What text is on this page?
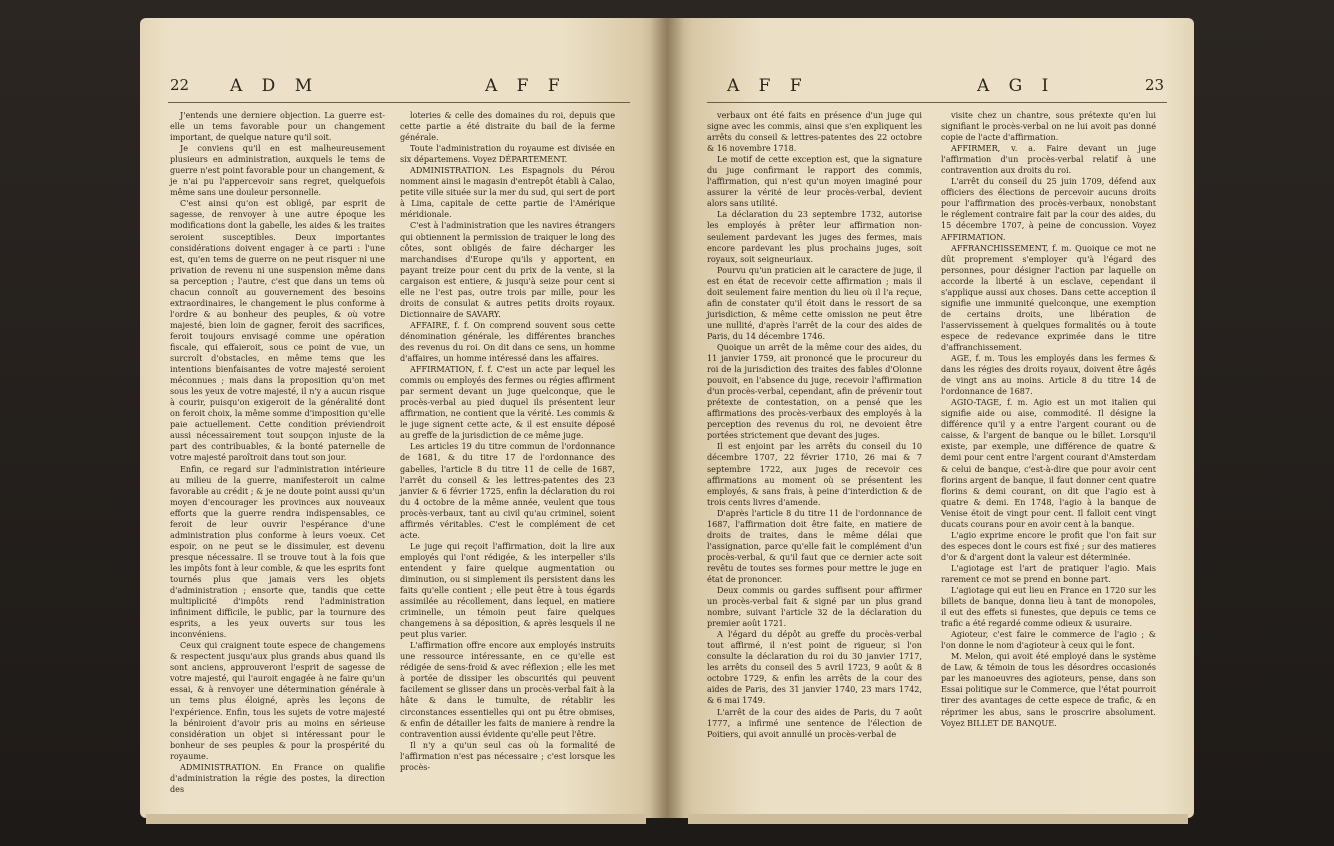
22 A D M	A F F

J'entends une derniere objection. La guerre est-elle un tems favorable pour un changement important, de quelque nature qu'il soit.

Je conviens qu'il en est malheureusement plusieurs en administration, auxquels le tems de guerre n'est point favorable pour un changement, & je n'ai pu l'appercevoir sans regret, quelquefois même sans une douleur personnelle.

C'est ainsi qu'on est obligé, par esprit de sagesse, de renvoyer à une autre époque les modifications dont la gabelle, les aides & les traites seroient susceptibles. Deux importantes considérations doivent engager à ce parti : l'une est, qu'en tems de guerre on ne peut risquer ni une privation de revenu ni une suspension même dans sa perception ; l'autre, c'est que dans un tems où chacun connoît au gouvernement des besoins extraordinaires, le changement le plus conforme à l'ordre & au bonheur des peuples, & où votre majesté, bien loin de gagner, feroit des sacrifices, feroit toujours envisagé comme une opération fiscale, qui effaieroit, sous ce point de vue, un surcroît d'obstacles, en même tems que les intentions bienfaisantes de votre majesté seroient méconnues ; mais dans la proposition qu'on met sous les yeux de votre majesté, il n'y a aucun risque à courir, puisqu'on exigeroit de la généralité dont on feroit choix, la même somme d'imposition qu'elle paie actuellement. Cette condition préviendroit aussi nécessairement tout soupçon injuste de la part des contribuables, & la bonté paternelle de votre majesté paroîtroit dans tout son jour.

Enfin, ce regard sur l'administration intérieure au milieu de la guerre, manifesteroit un calme favorable au crédit ; & je ne doute point aussi qu'un moyen d'encourager les provinces aux nouveaux efforts que la guerre rendra indispensables, ce feroit de leur ouvrir l'espérance d'une administration plus conforme à leurs voeux. Cet espoir, on ne peut se le dissimuler, est devenu presque nécessaire. Il se trouve tout à la fois que les impôts font à leur comble, & que les esprits font tournés plus que jamais vers les objets d'administration ; ensorte que, tandis que cette multiplicité d'impôts rend l'administration infiniment difficile, le public, par la tournure des esprits, a les yeux ouverts sur tous les inconvéniens.

Ceux qui craignent toute espece de changemens & respectent jusqu'aux plus grands abus quand ils sont anciens, approuveront l'esprit de sagesse de votre majesté, qui l'auroit engagée à ne faire qu'un essai, & à renvoyer une détermination générale à un tems plus éloigné, après les leçons de l'expérience. Enfin, tous les sujets de votre majesté la béniroient d'avoir pris au moins en sérieuse considération un objet si intéressant pour le bonheur de ses peuples & pour la prospérité du royaume.

ADMINISTRATION. En France on qualifie d'administration la régie des postes, la direction des

loteries & celle des domaines du roi, depuis que cette partie a été distraite du bail de la ferme générale.

Toute l'administration du royaume est divisée en six départemens. Voyez DÉPARTEMENT.

ADMINISTRATION. Les Espagnols du Pérou nomment ainsi le magasin d'entrepôt établi à Calao, petite ville située sur la mer du sud, qui sert de port à Lima, capitale de cette partie de l'Amérique méridionale.

C'est à l'administration que les navires étrangers qui obtiennent la permission de traiquer le long des côtes, sont obligés de faire décharger les marchandises d'Europe qu'ils y apportent, en payant treize pour cent du prix de la vente, si la cargaison est entiere, & jusqu'à seize pour cent si elle ne l'est pas, outre trois par mille, pour les droits de consulat & autres petits droits royaux. Dictionnaire de SAVARY.

AFFAIRE, f. f. On comprend souvent sous cette dénomination générale, les différentes branches des revenus du roi. On dit dans ce sens, un homme d'affaires, un homme intéressé dans les affaires.

AFFIRMATION, f. f. C'est un acte par lequel les commis ou employés des fermes ou régies affirment par serment devant un juge quelconque, que le procès-verbal au pied duquel ils présentent leur affirmation, ne contient que la vérité. Les commis & le juge signent cette acte, & il est ensuite déposé au greffe de la jurisdiction de ce même juge.

Les articles 19 du titre commun de l'ordonnance de 1681, & du titre 17 de l'ordonnance des gabelles, l'article 8 du titre 11 de celle de 1687, l'arrêt du conseil & les lettres-patentes des 23 janvier & 6 février 1725, enfin la déclaration du roi du 4 octobre de la même année, veulent que tous procès-verbaux, tant au civil qu'au criminel, soient affirmés véritables. C'est le complément de cet acte.

Le juge qui reçoit l'affirmation, doit la lire aux employés qui l'ont rédigée, & les interpeller s'ils entendent y faire quelque augmentation ou diminution, ou si simplement ils persistent dans les faits qu'elle contient ; elle peut être à tous égards assimilée au récollement, dans lequel, en matiere criminelle, un témoin peut faire quelques changemens à sa déposition, & après lesquels il ne peut plus varier.

L'affirmation offre encore aux employés instruits une ressource intéressante, en ce qu'elle est rédigée de sens-froid & avec réflexion ; elle les met à portée de dissiper les obscurités qui peuvent facilement se glisser dans un procès-verbal fait à la hâte & dans le tumulte, de rétablir les circonstances essentielles qui ont pu être obmises, & enfin de détailler les faits de maniere à rendre la contravention aussi évidente qu'elle peut l'être.

Il n'y a qu'un seul cas où la formalité de l'affirmation n'est pas nécessaire ; c'est lorsque les procès-

A F F	A G I	23

verbaux ont été faits en présence d'un juge qui signe avec les commis, ainsi que s'en expliquent les arrêts du conseil & lettres-patentes des 22 octobre & 16 novembre 1718.

Le motif de cette exception est, que la signature du juge confirmant le rapport des commis, l'affirmation, qui n'est qu'un moyen imaginé pour assurer la vérité de leur procès-verbal, devient alors sans utilité.

La déclaration du 23 septembre 1732, autorise les employés à prêter leur affirmation non-seulement pardevant les juges des fermes, mais encore pardevant les plus prochains juges, soit royaux, soit seigneuriaux.

Pourvu qu'un praticien ait le caractere de juge, il est en état de recevoir cette affirmation ; mais il doit seulement faire mention du lieu où il l'a reçue, afin de constater qu'il étoit dans le ressort de sa jurisdiction, & même cette omission ne peut être une nullité, d'après l'arrêt de la cour des aides de Paris, du 14 décembre 1746.

Quoique un arrêt de la même cour des aides, du 11 janvier 1759, ait prononcé que le procureur du roi de la jurisdiction des traites des fables d'Olonne pouvoit, en l'absence du juge, recevoir l'affirmation d'un procès-verbal, cependant, afin de prévenir tout prétexte de contestation, on a pensé que les affirmations des procès-verbaux des employés à la perception des revenus du roi, ne devoient être portées strictement que devant des juges.

Il est enjoint par les arrêts du conseil du 10 décembre 1707, 22 février 1710, 26 mai & 7 septembre 1722, aux juges de recevoir ces affirmations au moment où se présentent les employés, & sans frais, à peine d'interdiction & de trois cents livres d'amende.

D'après l'article 8 du titre 11 de l'ordonnance de 1687, l'affirmation doit être faite, en matiere de droits de traites, dans le même délai que l'assignation, parce qu'elle fait le complément d'un procès-verbal, & qu'il faut que ce dernier acte soit revêtu de toutes ses formes pour mettre le juge en état de prononcer.

Deux commis ou gardes suffisent pour affirmer un procès-verbal fait & signé par un plus grand nombre, suivant l'article 32 de la déclaration du premier août 1721.

A l'égard du dépôt au greffe du procès-verbal tout affirmé, il n'est point de rigueur, si l'on consulte la déclaration du roi du 30 janvier 1717, les arrêts du conseil des 5 avril 1723, 9 août & 8 octobre 1729, & enfin les arrêts de la cour des aides de Paris, des 31 janvier 1740, 23 mars 1742, & 6 mai 1749.

L'arrêt de la cour des aides de Paris, du 7 août 1777, a infirmé une sentence de l'élection de Poitiers, qui avoit annullé un procès-verbal de

visite chez un chantre, sous prétexte qu'en lui signifiant le procès-verbal on ne lui avoit pas donné copie de l'acte d'affirmation.

AFFIRMER, v. a. Faire devant un juge l'affirmation d'un procès-verbal relatif à une contravention aux droits du roi.

L'arrêt du conseil du 25 juin 1709, défend aux officiers des élections de percevoir aucuns droits pour l'affirmation des procès-verbaux, nonobstant le réglement contraire fait par la cour des aides, du 15 décembre 1707, à peine de concussion. Voyez AFFIRMATION.

AFFRANCHISSEMENT, f. m. Quoique ce mot ne dût proprement s'employer qu'à l'égard des personnes, pour désigner l'action par laquelle on accorde la liberté à un esclave, cependant il s'applique aussi aux choses. Dans cette acception il signifie une immunité quelconque, une exemption de certains droits, une libération de l'asservissement à quelques formalités ou à toute espece de redevance exprimée dans le titre d'affranchissement.

AGE, f. m. Tous les employés dans les fermes & dans les régies des droits royaux, doivent être âgés de vingt ans au moins. Article 8 du titre 14 de l'ordonnance de 1687.

AGIO-TAGE, f. m. Agio est un mot italien qui signifie aide ou aise, commodité. Il désigne la différence qu'il y a entre l'argent courant ou de caisse, & l'argent de banque ou le billet. Lorsqu'il existe, par exemple, une différence de quatre & demi pour cent entre l'argent courant d'Amsterdam & celui de banque, c'est-à-dire que pour avoir cent florins argent de banque, il faut donner cent quatre florins & demi courant, on dit que l'agio est à quatre & demi. En 1748, l'agio à la banque de Venise étoit de vingt pour cent. Il falloit cent vingt ducats courans pour en avoir cent à la banque.

L'agio exprime encore le profit que l'on fait sur des especes dont le cours est fixé ; sur des matieres d'or & d'argent dont la valeur est déterminée.

L'agiotage est l'art de pratiquer l'agio. Mais rarement ce mot se prend en bonne part.

L'agiotage qui eut lieu en France en 1720 sur les billets de banque, donna lieu à tant de monopoles, il eut des effets si funestes, que depuis ce tems ce trafic a été regardé comme odieux & usuraire.

Agioteur, c'est faire le commerce de l'agio ; & l'on donne le nom d'agioteur à ceux qui le font.

M. Melon, qui avoit été employé dans le système de Law, & témoin de tous les désordres occasionés par les manoeuvres des agioteurs, pense, dans son Essai politique sur le Commerce, que l'état pourroit tirer des avantages de cette espece de trafic, & en réprimer les abus, sans le proscrire absolument. Voyez BILLET DE BANQUE.
